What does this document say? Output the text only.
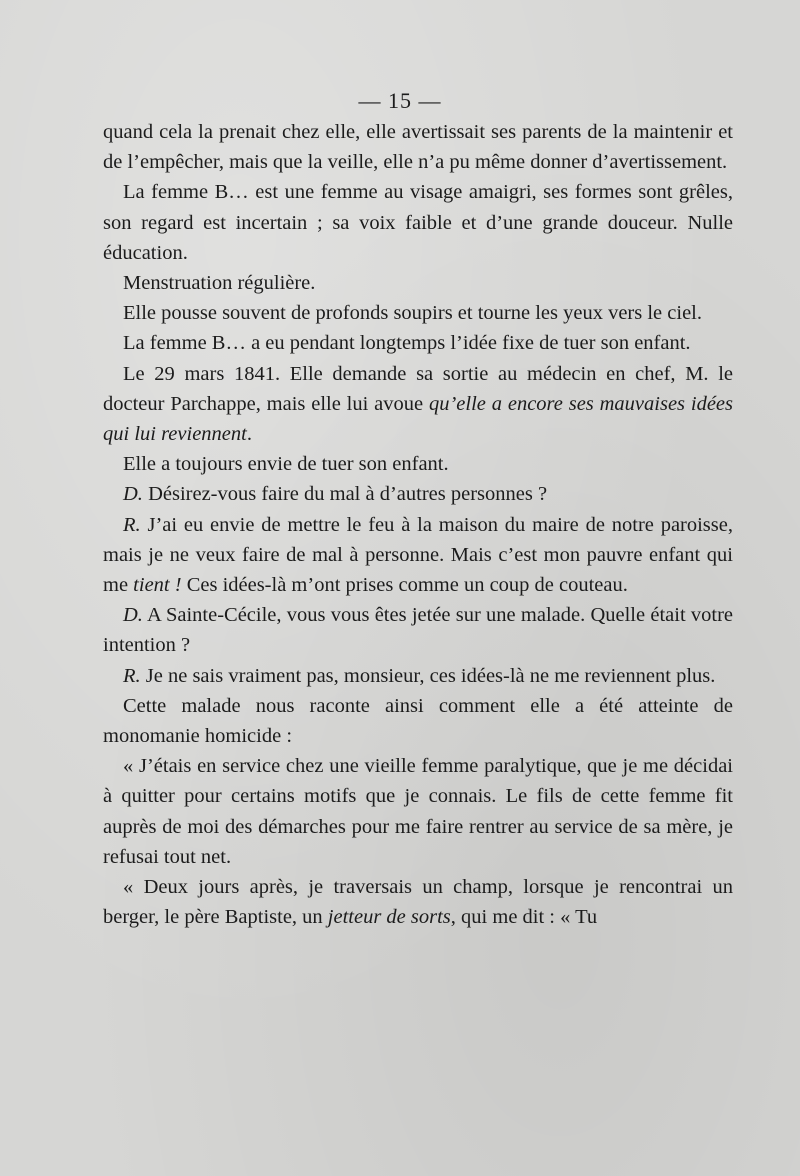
— 15 —

quand cela la prenait chez elle, elle avertissait ses parents de la maintenir et de l’empêcher, mais que la veille, elle n’a pu même donner d’avertissement.

La femme B… est une femme au visage amaigri, ses formes sont grêles, son regard est incertain ; sa voix faible et d’une grande douceur. Nulle éducation.

Menstruation régulière.

Elle pousse souvent de profonds soupirs et tourne les yeux vers le ciel.

La femme B… a eu pendant longtemps l’idée fixe de tuer son enfant.

Le 29 mars 1841. Elle demande sa sortie au médecin en chef, M. le docteur Parchappe, mais elle lui avoue qu’elle a encore ses mauvaises idées qui lui reviennent.

Elle a toujours envie de tuer son enfant.

D. Désirez-vous faire du mal à d’autres personnes ?

R. J’ai eu envie de mettre le feu à la maison du maire de notre paroisse, mais je ne veux faire de mal à personne. Mais c’est mon pauvre enfant qui me tient ! Ces idées-là m’ont prises comme un coup de couteau.

D. A Sainte-Cécile, vous vous êtes jetée sur une malade. Quelle était votre intention ?

R. Je ne sais vraiment pas, monsieur, ces idées-là ne me reviennent plus.

Cette malade nous raconte ainsi comment elle a été atteinte de monomanie homicide :

« J’étais en service chez une vieille femme paralytique, que je me décidai à quitter pour certains motifs que je connais. Le fils de cette femme fit auprès de moi des démarches pour me faire rentrer au service de sa mère, je refusai tout net.

« Deux jours après, je traversais un champ, lorsque je rencontrai un berger, le père Baptiste, un jetteur de sorts, qui me dit : « Tu
